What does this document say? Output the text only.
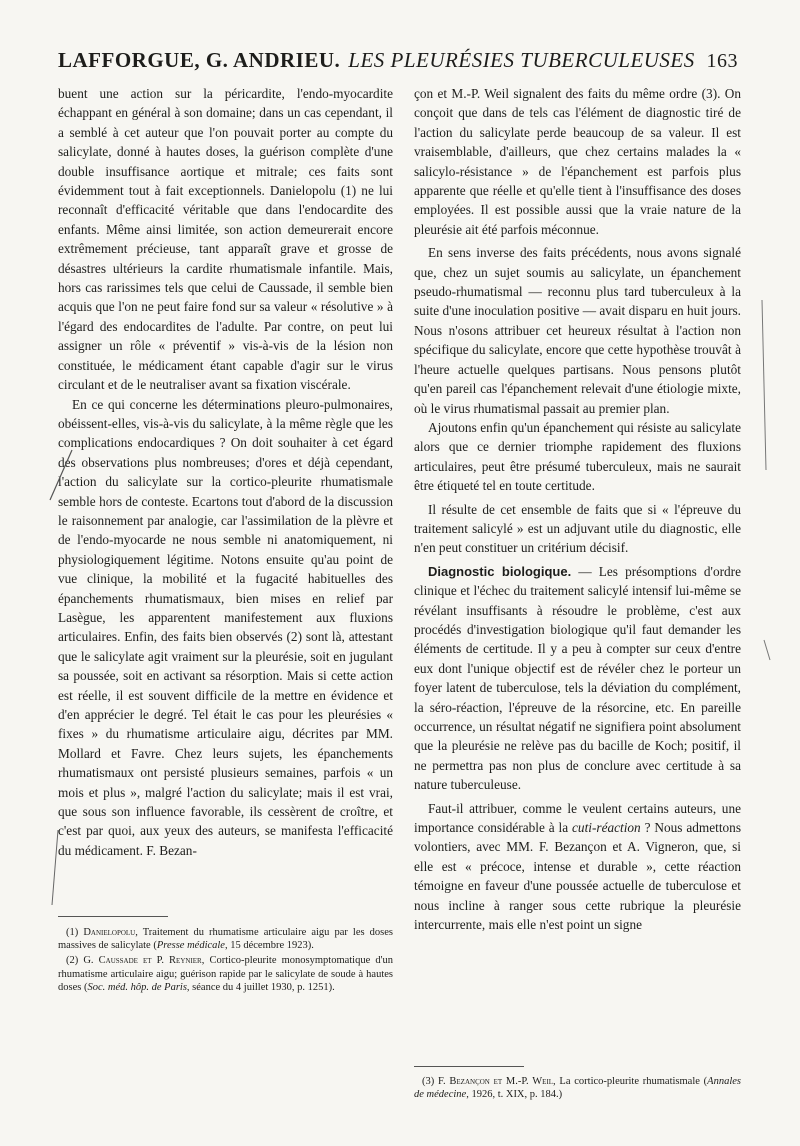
LAFFORGUE, G. ANDRIEU. LES PLEURÉSIES TUBERCULEUSES 163

buent une action sur la péricardite, l'endo-myocardite échappant en général à son domaine; dans un cas cependant, il a semblé à cet auteur que l'on pouvait porter au compte du salicylate, donné à hautes doses, la guérison complète d'une double insuffisance aortique et mitrale; ces faits sont évidemment tout à fait exceptionnels. Danielopolu (1) ne lui reconnaît d'efficacité véritable que dans l'endocardite des enfants. Même ainsi limitée, son action demeurerait encore extrêmement précieuse, tant apparaît grave et grosse de désastres ultérieurs la cardite rhumatismale infantile. Mais, hors cas rarissimes tels que celui de Caussade, il semble bien acquis que l'on ne peut faire fond sur sa valeur « résolutive » à l'égard des endocardites de l'adulte. Par contre, on peut lui assigner un rôle « préventif » vis-à-vis de la lésion non constituée, le médicament étant capable d'agir sur le virus circulant et de le neutraliser avant sa fixation viscérale.

En ce qui concerne les déterminations pleuro-pulmonaires, obéissent-elles, vis-à-vis du salicylate, à la même règle que les complications endocardiques ? On doit souhaiter à cet égard des observations plus nombreuses; d'ores et déjà cependant, l'action du salicylate sur la cortico-pleurite rhumatismale semble hors de conteste. Ecartons tout d'abord de la discussion le raisonnement par analogie, car l'assimilation de la plèvre et de l'endo-myocarde ne nous semble ni anatomiquement, ni physiologiquement légitime. Notons ensuite qu'au point de vue clinique, la mobilité et la fugacité habituelles des épanchements rhumatismaux, bien mises en relief par Lasègue, les apparentent manifestement aux fluxions articulaires. Enfin, des faits bien observés (2) sont là, attestant que le salicylate agit vraiment sur la pleurésie, soit en jugulant sa poussée, soit en activant sa résorption. Mais si cette action est réelle, il est souvent difficile de la mettre en évidence et d'en apprécier le degré. Tel était le cas pour les pleurésies « fixes » du rhumatisme articulaire aigu, décrites par MM. Mollard et Favre. Chez leurs sujets, les épanchements rhumatismaux ont persisté plusieurs semaines, parfois « un mois et plus », malgré l'action du salicylate; mais il est vrai, que sous son influence favorable, ils cessèrent de croître, et c'est par quoi, aux yeux des auteurs, se manifesta l'efficacité du médicament. F. Bezan-

(1) Danielopolu, Traitement du rhumatisme articulaire aigu par les doses massives de salicylate (Presse médicale, 15 décembre 1923).

(2) G. Caussade et P. Reynier, Cortico-pleurite monosymptomatique d'un rhumatisme articulaire aigu; guérison rapide par le salicylate de soude à hautes doses (Soc. méd. hôp. de Paris, séance du 4 juillet 1930, p. 1251).

çon et M.-P. Weil signalent des faits du même ordre (3). On conçoit que dans de tels cas l'élément de diagnostic tiré de l'action du salicylate perde beaucoup de sa valeur. Il est vraisemblable, d'ailleurs, que chez certains malades la « salicylo-résistance » de l'épanchement est parfois plus apparente que réelle et qu'elle tient à l'insuffisance des doses employées. Il est possible aussi que la vraie nature de la pleurésie ait été parfois méconnue.

En sens inverse des faits précédents, nous avons signalé que, chez un sujet soumis au salicylate, un épanchement pseudo-rhumatismal — reconnu plus tard tuberculeux à la suite d'une inoculation positive — avait disparu en huit jours. Nous n'osons attribuer cet heureux résultat à l'action non spécifique du salicylate, encore que cette hypothèse trouvât à l'heure actuelle quelques partisans. Nous pensons plutôt qu'en pareil cas l'épanchement relevait d'une étiologie mixte, où le virus rhumatismal passait au premier plan.

Ajoutons enfin qu'un épanchement qui résiste au salicylate alors que ce dernier triomphe rapidement des fluxions articulaires, peut être présumé tuberculeux, mais ne saurait être étiqueté tel en toute certitude.

Il résulte de cet ensemble de faits que si « l'épreuve du traitement salicylé » est un adjuvant utile du diagnostic, elle n'en peut constituer un critérium décisif.

Diagnostic biologique. — Les présomptions d'ordre clinique et l'échec du traitement salicylé intensif lui-même se révélant insuffisants à résoudre le problème, c'est aux procédés d'investigation biologique qu'il faut demander les éléments de certitude. Il y a peu à compter sur ceux d'entre eux dont l'unique objectif est de révéler chez le porteur un foyer latent de tuberculose, tels la déviation du complément, la séro-réaction, l'épreuve de la résorcine, etc. En pareille occurrence, un résultat négatif ne signifiera point absolument que la pleurésie ne relève pas du bacille de Koch; positif, il ne permettra pas non plus de conclure avec certitude à sa nature tuberculeuse.

Faut-il attribuer, comme le veulent certains auteurs, une importance considérable à la cuti-réaction ? Nous admettons volontiers, avec MM. F. Bezançon et A. Vigneron, que, si elle est « précoce, intense et durable », cette réaction témoigne en faveur d'une poussée actuelle de tuberculose et nous incline à ranger sous cette rubrique la pleurésie intercurrente, mais elle n'est point un signe

(3) F. Bezançon et M.-P. Weil, La cortico-pleurite rhumatismale (Annales de médecine, 1926, t. XIX, p. 184.)
